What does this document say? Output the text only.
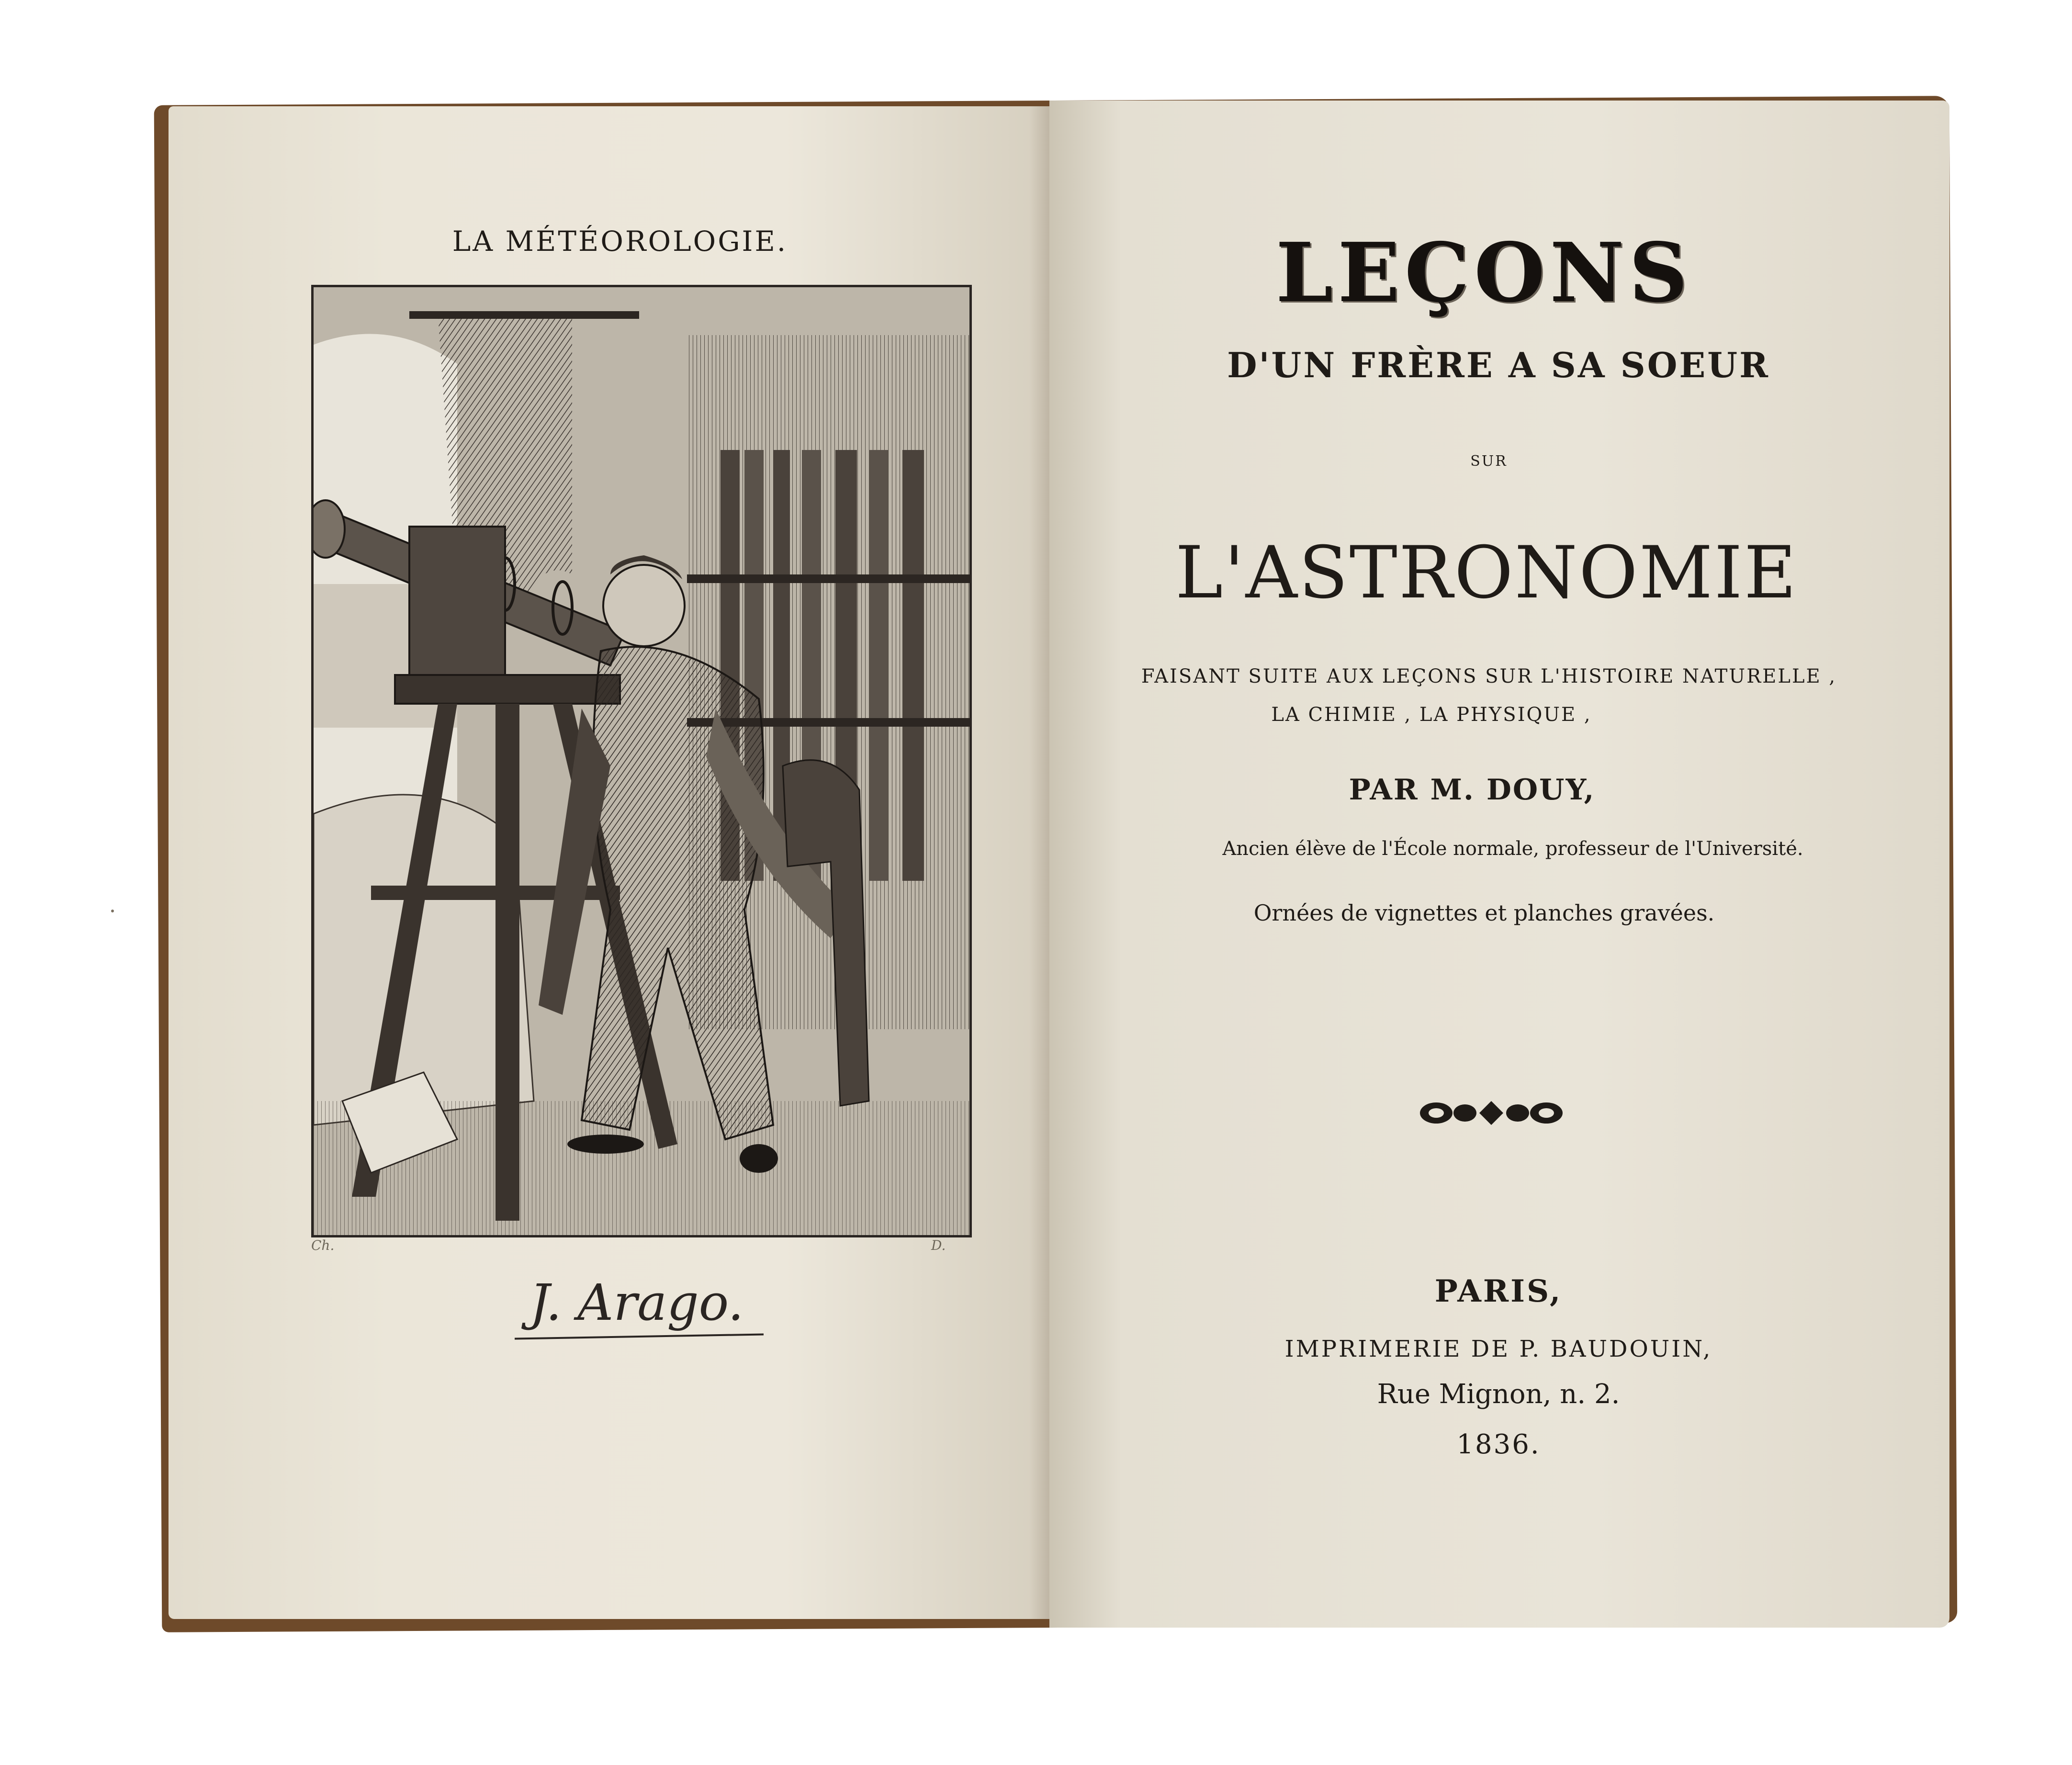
LA MÉTÉOROLOGIE.
Ch.	D.
J. Arago.
LEÇONS
D'UN FRÈRE A SA SOEUR
SUR
L'ASTRONOMIE
FAISANT SUITE AUX LEÇONS SUR L'HISTOIRE NATURELLE ,
LA CHIMIE , LA PHYSIQUE ,
PAR M. DOUY,
Ancien élève de l'École normale, professeur de l'Université.
Ornées de vignettes et planches gravées.
PARIS,
IMPRIMERIE DE P. BAUDOUIN,
Rue Mignon, n. 2.
1836.
